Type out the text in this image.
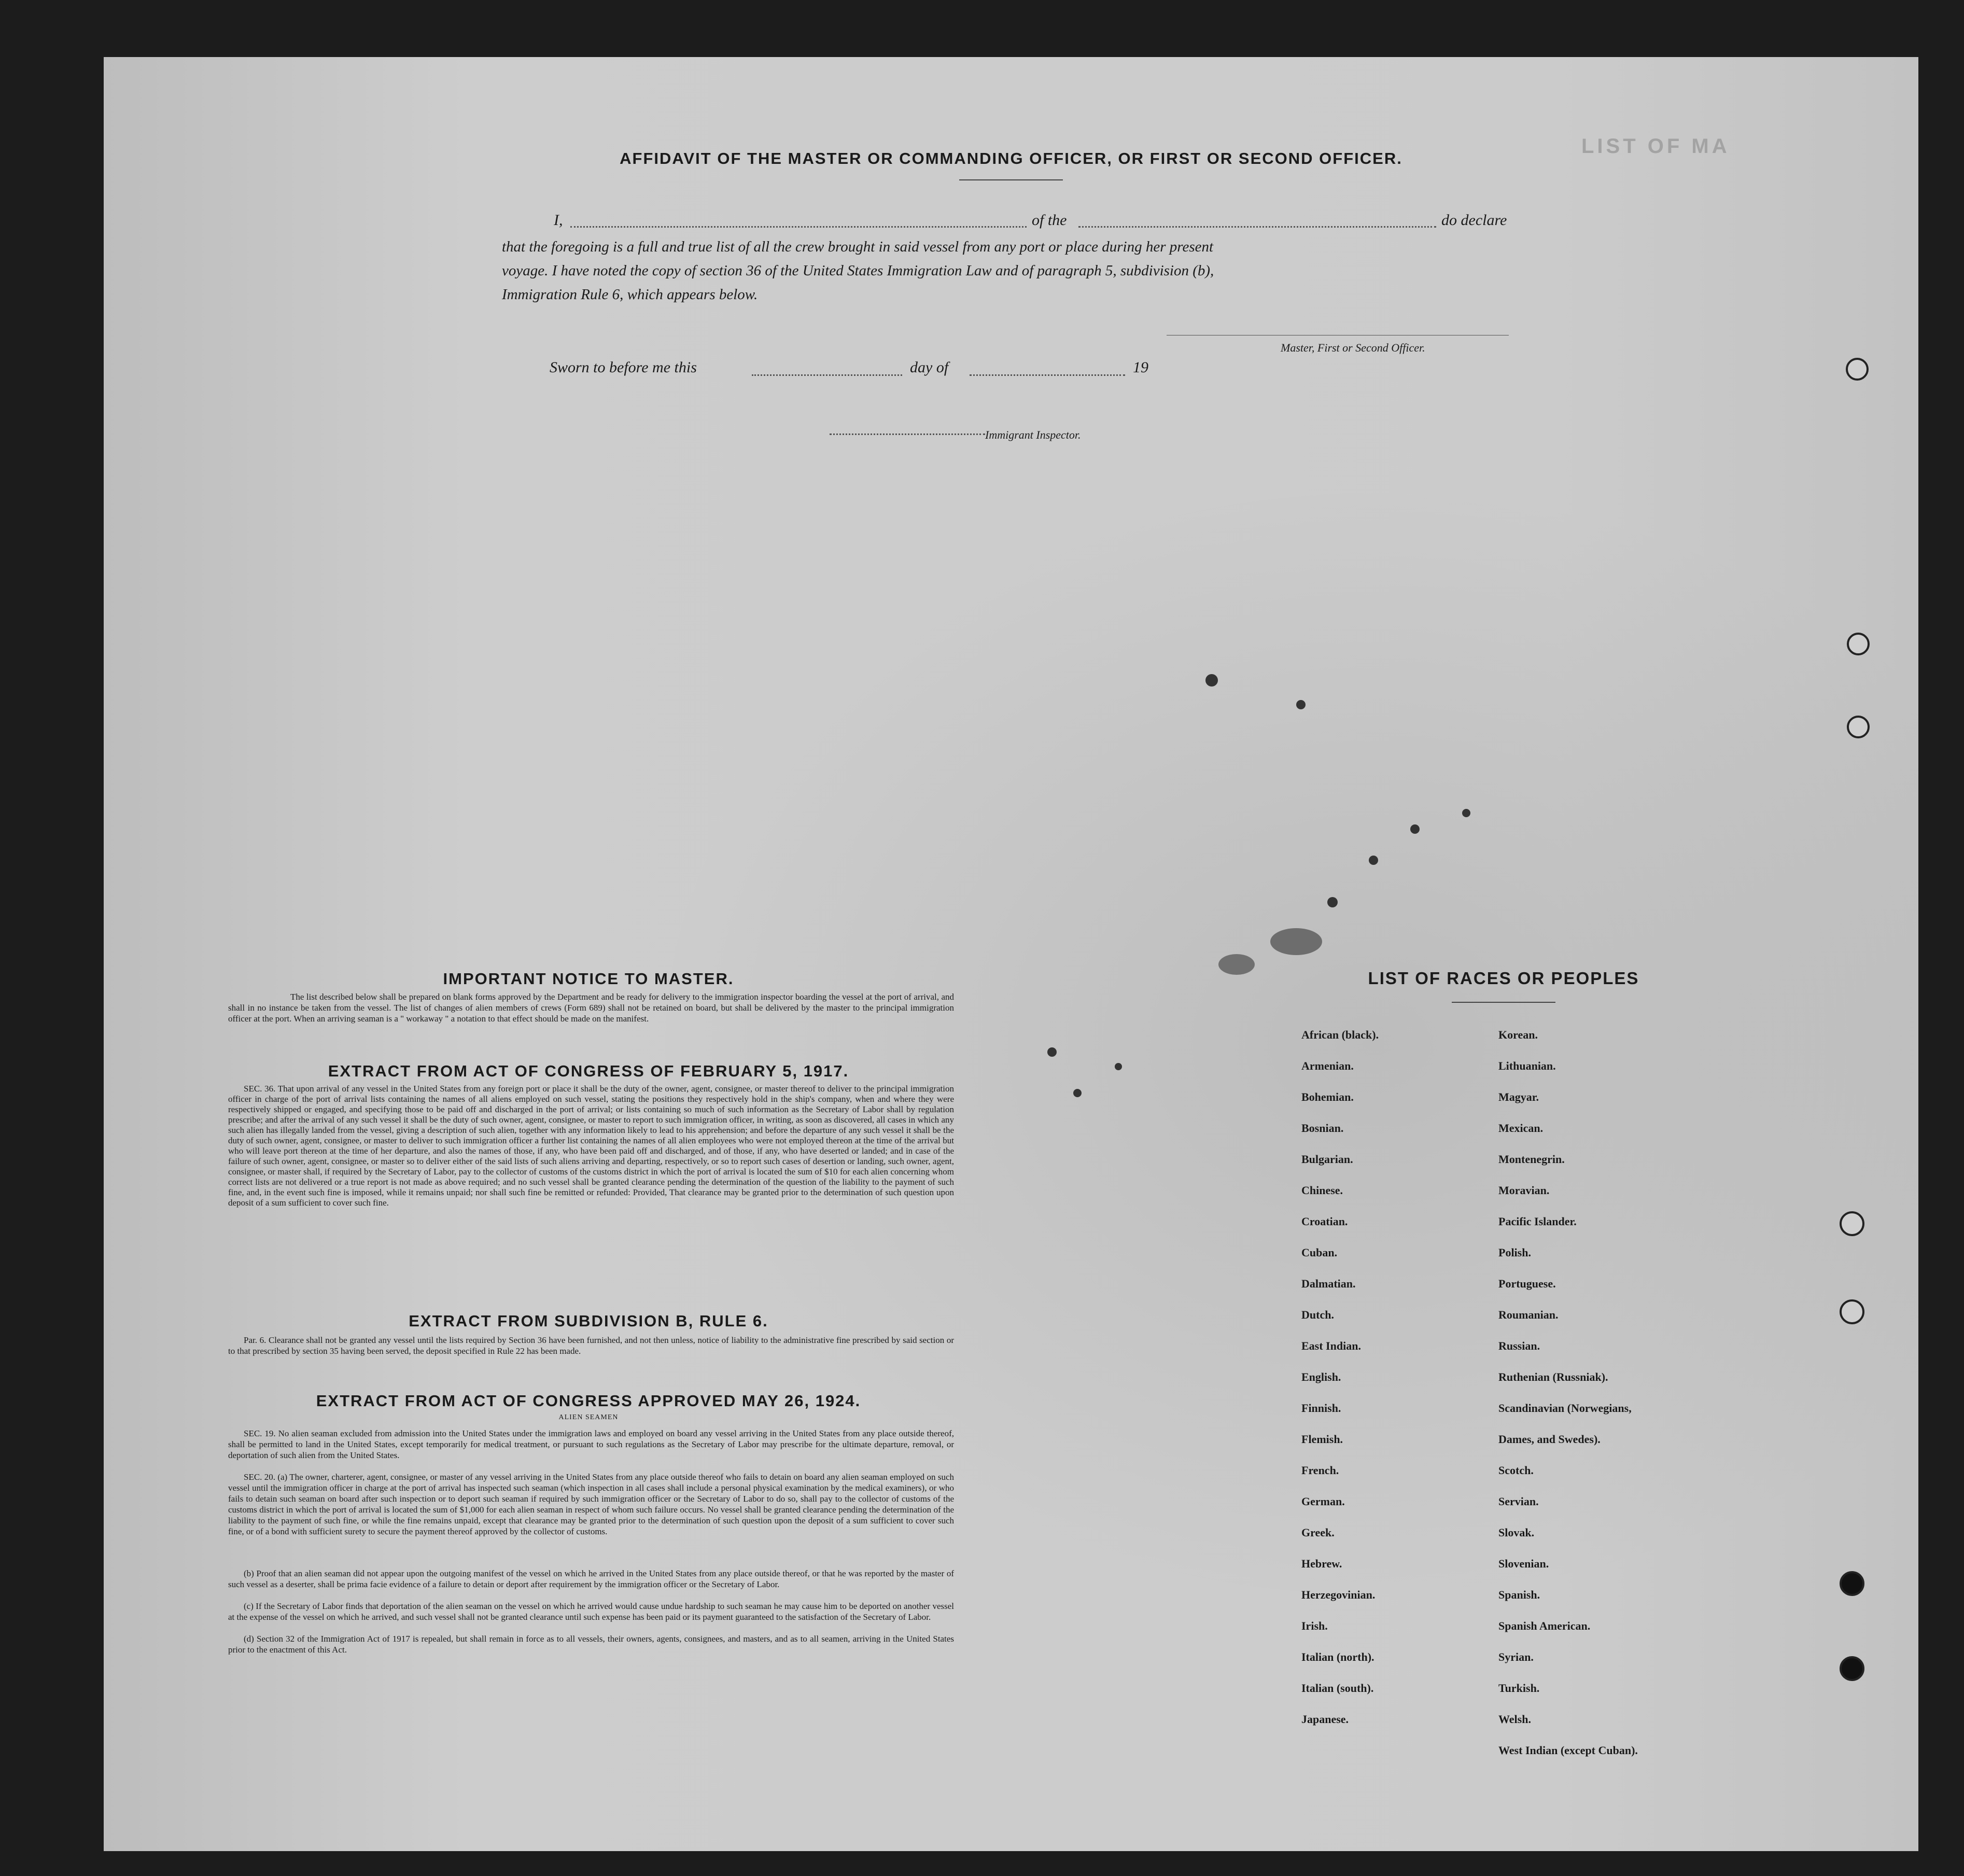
AFFIDAVIT OF THE MASTER OR COMMANDING OFFICER, OR FIRST OR SECOND OFFICER.
I,	of the	do declare
that the foregoing is a full and true list of all the crew brought in said vessel from any port or place during her present
voyage. I have noted the copy of section 36 of the United States Immigration Law and of paragraph 5, subdivision (b),
Immigration Rule 6, which appears below.
Master, First or Second Officer.
Sworn to before me this	day of	19
Immigrant Inspector.
LIST OF MA
IMPORTANT NOTICE TO MASTER.
The list described below shall be prepared on blank forms approved by the Department and be ready for delivery to the immigration inspector boarding the vessel at the port of arrival, and shall in no instance be taken from the vessel. The list of changes of alien members of crews (Form 689) shall not be retained on board, but shall be delivered by the master to the principal immigration officer at the port. When an arriving seaman is a " workaway " a notation to that effect should be made on the manifest.
EXTRACT FROM ACT OF CONGRESS OF FEBRUARY 5, 1917.
SEC. 36. That upon arrival of any vessel in the United States from any foreign port or place it shall be the duty of the owner, agent, consignee, or master thereof to deliver to the principal immigration officer in charge of the port of arrival lists containing the names of all aliens employed on such vessel, stating the positions they respectively hold in the ship's company, when and where they were respectively shipped or engaged, and specifying those to be paid off and discharged in the port of arrival; or lists containing so much of such information as the Secretary of Labor shall by regulation prescribe; and after the arrival of any such vessel it shall be the duty of such owner, agent, consignee, or master to report to such immigration officer, in writing, as soon as discovered, all cases in which any such alien has illegally landed from the vessel, giving a description of such alien, together with any information likely to lead to his apprehension; and before the departure of any such vessel it shall be the duty of such owner, agent, consignee, or master to deliver to such immigration officer a further list containing the names of all alien employees who were not employed thereon at the time of the arrival but who will leave port thereon at the time of her departure, and also the names of those, if any, who have been paid off and discharged, and of those, if any, who have deserted or landed; and in case of the failure of such owner, agent, consignee, or master so to deliver either of the said lists of such aliens arriving and departing, respectively, or so to report such cases of desertion or landing, such owner, agent, consignee, or master shall, if required by the Secretary of Labor, pay to the collector of customs of the customs district in which the port of arrival is located the sum of $10 for each alien concerning whom correct lists are not delivered or a true report is not made as above required; and no such vessel shall be granted clearance pending the determination of the question of the liability to the payment of such fine, and, in the event such fine is imposed, while it remains unpaid; nor shall such fine be remitted or refunded: Provided, That clearance may be granted prior to the determination of such question upon deposit of a sum sufficient to cover such fine.
EXTRACT FROM SUBDIVISION B, RULE 6.
Par. 6. Clearance shall not be granted any vessel until the lists required by Section 36 have been furnished, and not then unless, notice of liability to the administrative fine prescribed by said section or to that prescribed by section 35 having been served, the deposit specified in Rule 22 has been made.
EXTRACT FROM ACT OF CONGRESS APPROVED MAY 26, 1924.
ALIEN SEAMEN
SEC. 19. No alien seaman excluded from admission into the United States under the immigration laws and employed on board any vessel arriving in the United States from any place outside thereof, shall be permitted to land in the United States, except temporarily for medical treatment, or pursuant to such regulations as the Secretary of Labor may prescribe for the ultimate departure, removal, or deportation of such alien from the United States.
SEC. 20. (a) The owner, charterer, agent, consignee, or master of any vessel arriving in the United States from any place outside thereof who fails to detain on board any alien seaman employed on such vessel until the immigration officer in charge at the port of arrival has inspected such seaman (which inspection in all cases shall include a personal physical examination by the medical examiners), or who fails to detain such seaman on board after such inspection or to deport such seaman if required by such immigration officer or the Secretary of Labor to do so, shall pay to the collector of customs of the customs district in which the port of arrival is located the sum of $1,000 for each alien seaman in respect of whom such failure occurs. No vessel shall be granted clearance pending the determination of the liability to the payment of such fine, or while the fine remains unpaid, except that clearance may be granted prior to the determination of such question upon the deposit of a sum sufficient to cover such fine, or of a bond with sufficient surety to secure the payment thereof approved by the collector of customs.
(b) Proof that an alien seaman did not appear upon the outgoing manifest of the vessel on which he arrived in the United States from any place outside thereof, or that he was reported by the master of such vessel as a deserter, shall be prima facie evidence of a failure to detain or deport after requirement by the immigration officer or the Secretary of Labor.
(c) If the Secretary of Labor finds that deportation of the alien seaman on the vessel on which he arrived would cause undue hardship to such seaman he may cause him to be deported on another vessel at the expense of the vessel on which he arrived, and such vessel shall not be granted clearance until such expense has been paid or its payment guaranteed to the satisfaction of the Secretary of Labor.
(d) Section 32 of the Immigration Act of 1917 is repealed, but shall remain in force as to all vessels, their owners, agents, consignees, and masters, and as to all seamen, arriving in the United States prior to the enactment of this Act.
LIST OF RACES OR PEOPLES
African (black).
Armenian.
Bohemian.
Bosnian.
Bulgarian.
Chinese.
Croatian.
Cuban.
Dalmatian.
Dutch.
East Indian.
English.
Finnish.
Flemish.
French.
German.
Greek.
Hebrew.
Herzegovinian.
Irish.
Italian (north).
Italian (south).
Japanese.
Korean.
Lithuanian.
Magyar.
Mexican.
Montenegrin.
Moravian.
Pacific Islander.
Polish.
Portuguese.
Roumanian.
Russian.
Ruthenian (Russniak).
Scandinavian (Norwegians,
Dames, and Swedes).
Scotch.
Servian.
Slovak.
Slovenian.
Spanish.
Spanish American.
Syrian.
Turkish.
Welsh.
West Indian (except Cuban).
